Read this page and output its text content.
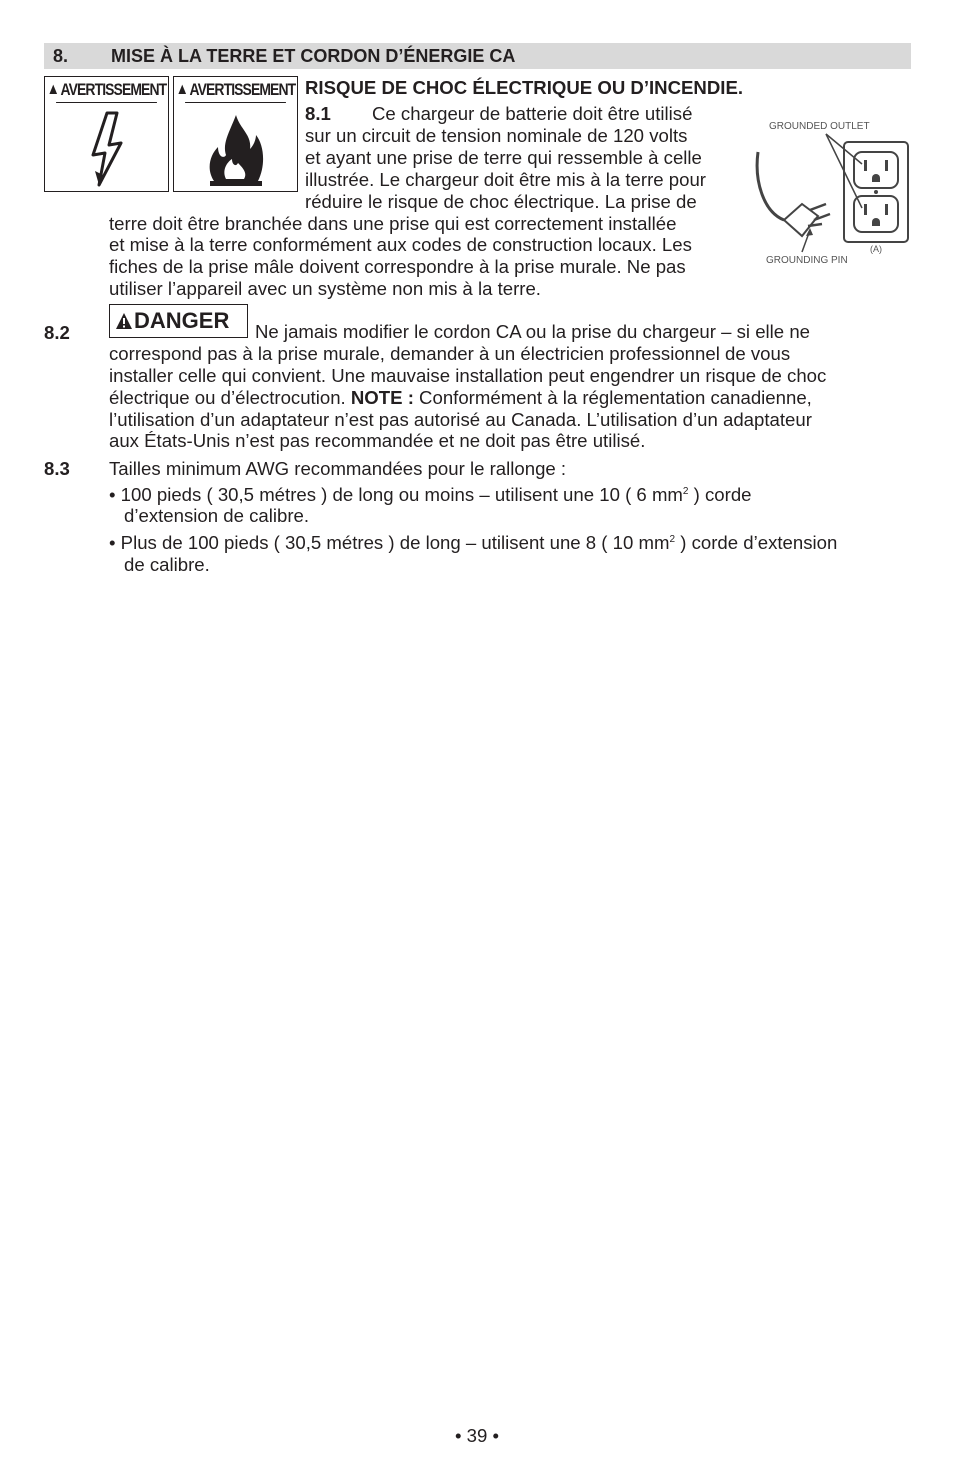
8. MISE À LA TERRE ET CORDON D’ÉNERGIE CA
▲ AVERTISSEMENT ▲ AVERTISSEMENT RISQUE DE CHOC ÉLECTRIQUE OU D’INCENDIE.
8.1 Ce chargeur de batterie doit être utilisé
sur un circuit de tension nominale de 120 volts
et ayant une prise de terre qui ressemble à celle
illustrée. Le chargeur doit être mis à la terre pour
réduire le risque de choc électrique. La prise de
terre doit être branchée dans une prise qui est correctement installée
et mise à la terre conformément aux codes de construction locaux. Les
fiches de la prise mâle doivent correspondre à la prise murale. Ne pas
utiliser l’appareil avec un système non mis à la terre.
GROUNDED OUTLET
GROUNDING PIN
(A)
8.2	DANGER Ne jamais modifier le cordon CA ou la prise du chargeur – si elle ne
correspond pas à la prise murale, demander à un électricien professionnel de vous
installer celle qui convient. Une mauvaise installation peut engendrer un risque de choc
électrique ou d’électrocution. NOTE : Conformément à la réglementation canadienne,
l’utilisation d’un adaptateur n’est pas autorisé au Canada. L’utilisation d’un adaptateur
aux États-Unis n’est pas recommandée et ne doit pas être utilisé.
8.3 Tailles minimum AWG recommandées pour le rallonge :
• 100 pieds ( 30,5 métres ) de long ou moins – utilisent une 10 ( 6 $mm^2$ ) corde
d’extension de calibre.
• Plus de 100 pieds ( 30,5 métres ) de long – utilisent une 8 ( 10 $mm^2$ ) corde d’extension
de calibre.
• 39 •
